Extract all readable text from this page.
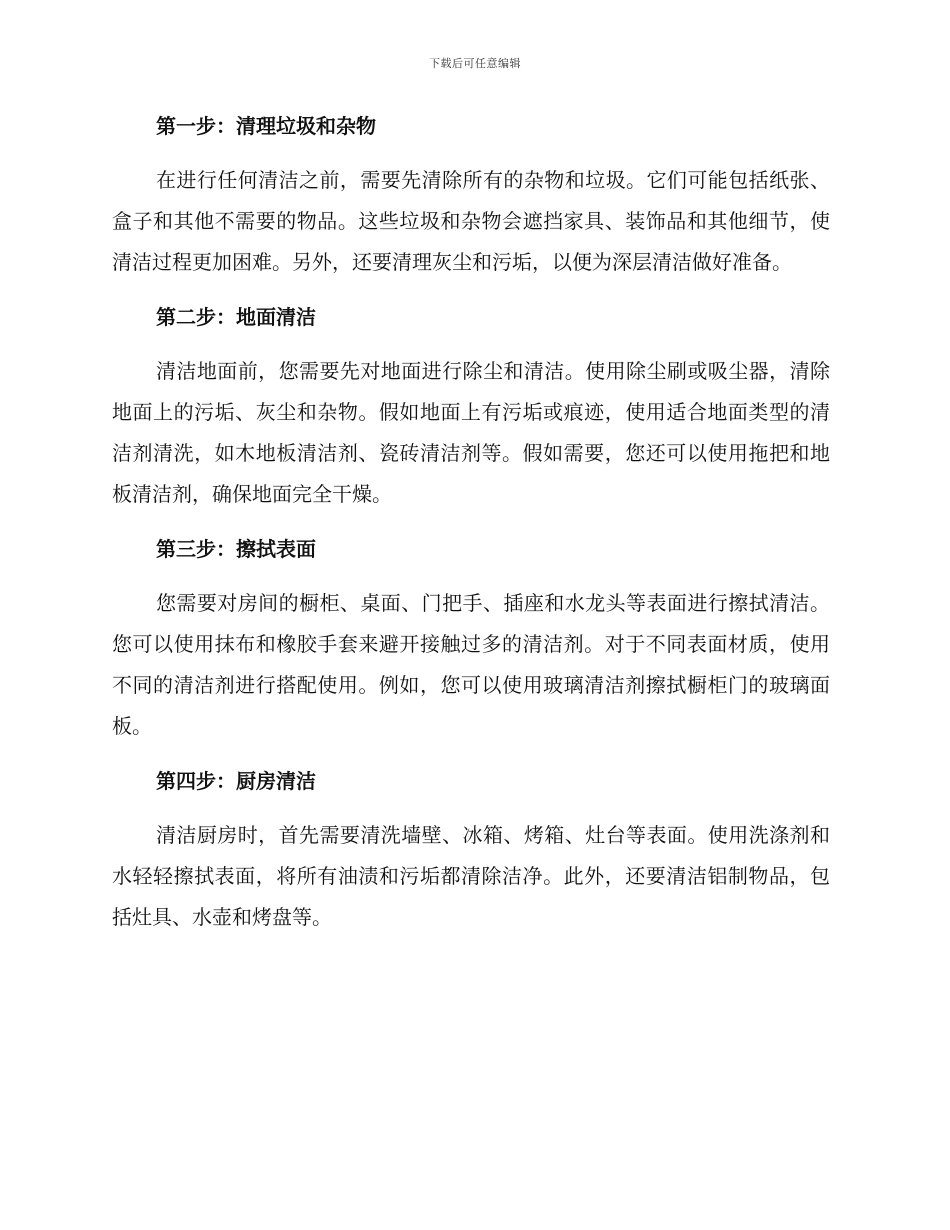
下载后可任意编辑
第一步：清理垃圾和杂物

在进行任何清洁之前，需要先清除所有的杂物和垃圾。它们可能包括纸张、盒子和其他不需要的物品。这些垃圾和杂物会遮挡家具、装饰品和其他细节，使清洁过程更加困难。另外，还要清理灰尘和污垢，以便为深层清洁做好准备。

第二步：地面清洁

清洁地面前，您需要先对地面进行除尘和清洁。使用除尘刷或吸尘器，清除地面上的污垢、灰尘和杂物。假如地面上有污垢或痕迹，使用适合地面类型的清洁剂清洗，如木地板清洁剂、瓷砖清洁剂等。假如需要，您还可以使用拖把和地板清洁剂，确保地面完全干燥。

第三步：擦拭表面

您需要对房间的橱柜、桌面、门把手、插座和水龙头等表面进行擦拭清洁。您可以使用抹布和橡胶手套来避开接触过多的清洁剂。对于不同表面材质，使用不同的清洁剂进行搭配使用。例如，您可以使用玻璃清洁剂擦拭橱柜门的玻璃面板。

第四步：厨房清洁

清洁厨房时，首先需要清洗墙壁、冰箱、烤箱、灶台等表面。使用洗涤剂和水轻轻擦拭表面，将所有油渍和污垢都清除洁净。此外，还要清洁铝制物品，包括灶具、水壶和烤盘等。
